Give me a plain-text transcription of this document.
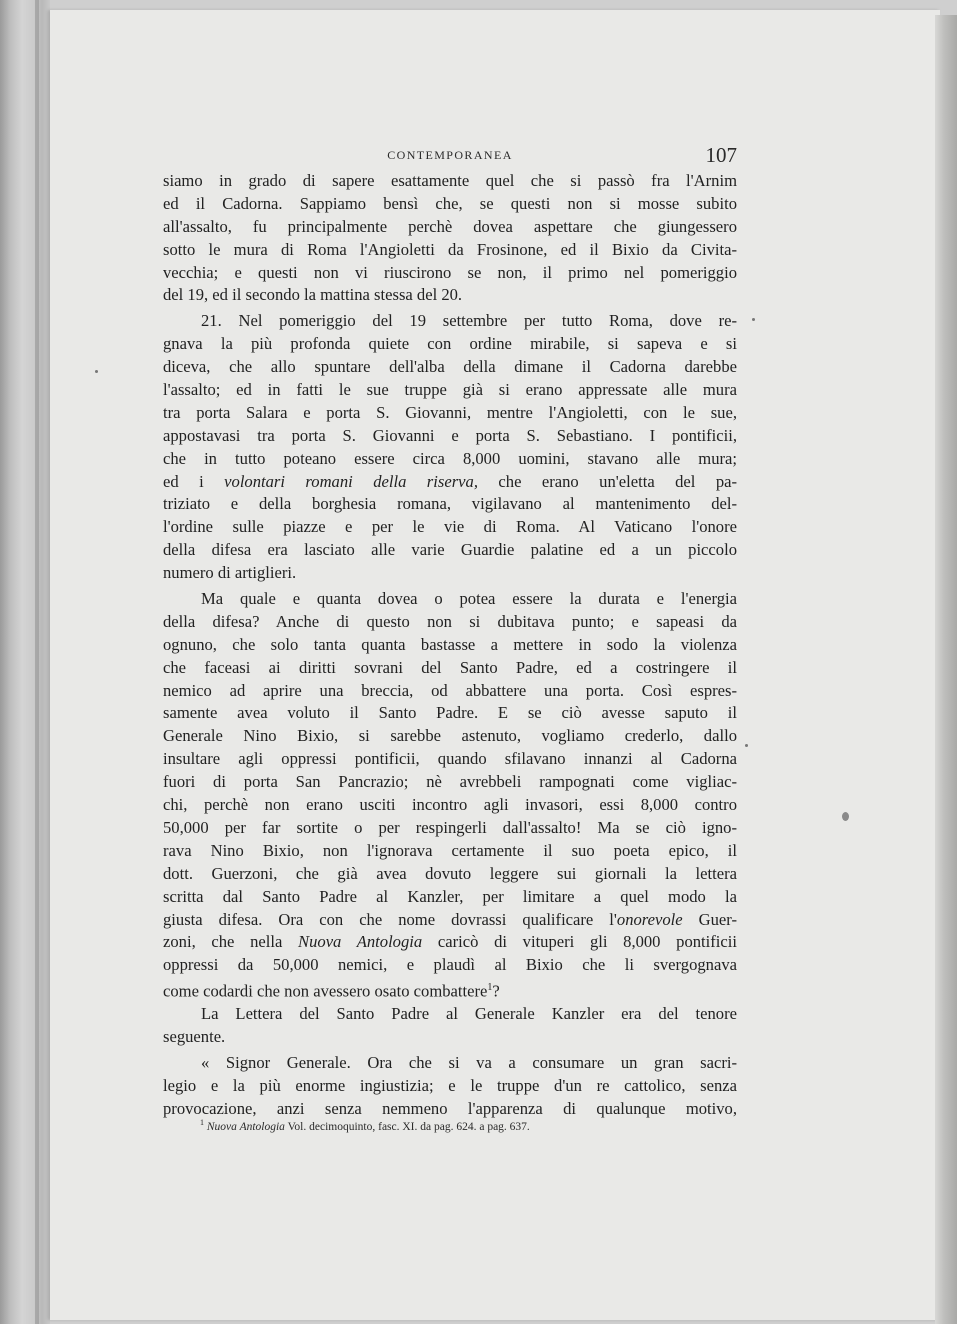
CONTEMPORANEA	107
siamo in grado di sapere esattamente quel che si passò fra l'Arnim
ed il Cadorna. Sappiamo bensì che, se questi non si mosse subito
all'assalto, fu principalmente perchè dovea aspettare che giungessero
sotto le mura di Roma l'Angioletti da Frosinone, ed il Bixio da Civita-
vecchia; e questi non vi riuscirono se non, il primo nel pomeriggio
del 19, ed il secondo la mattina stessa del 20.
21. Nel pomeriggio del 19 settembre per tutto Roma, dove re-
gnava la più profonda quiete con ordine mirabile, si sapeva e si
diceva, che allo spuntare dell'alba della dimane il Cadorna darebbe
l'assalto; ed in fatti le sue truppe già si erano appressate alle mura
tra porta Salara e porta S. Giovanni, mentre l'Angioletti, con le sue,
appostavasi tra porta S. Giovanni e porta S. Sebastiano. I pontificii,
che in tutto poteano essere circa 8,000 uomini, stavano alle mura;
ed i volontari romani della riserva, che erano un'eletta del pa-
triziato e della borghesia romana, vigilavano al mantenimento del-
l'ordine sulle piazze e per le vie di Roma. Al Vaticano l'onore
della difesa era lasciato alle varie Guardie palatine ed a un piccolo
numero di artiglieri.
Ma quale e quanta dovea o potea essere la durata e l'energia
della difesa? Anche di questo non si dubitava punto; e sapeasi da
ognuno, che solo tanta quanta bastasse a mettere in sodo la violenza
che faceasi ai diritti sovrani del Santo Padre, ed a costringere il
nemico ad aprire una breccia, od abbattere una porta. Così espres-
samente avea voluto il Santo Padre. E se ciò avesse saputo il
Generale Nino Bixio, si sarebbe astenuto, vogliamo crederlo, dallo
insultare agli oppressi pontificii, quando sfilavano innanzi al Cadorna
fuori di porta San Pancrazio; nè avrebbeli rampognati come vigliac-
chi, perchè non erano usciti incontro agli invasori, essi 8,000 contro
50,000 per far sortite o per respingerli dall'assalto! Ma se ciò igno-
rava Nino Bixio, non l'ignorava certamente il suo poeta epico, il
dott. Guerzoni, che già avea dovuto leggere sui giornali la lettera
scritta dal Santo Padre al Kanzler, per limitare a quel modo la
giusta difesa. Ora con che nome dovrassi qualificare l'onorevole Guer-
zoni, che nella Nuova Antologia caricò di vituperi gli 8,000 pontificii
oppressi da 50,000 nemici, e plaudì al Bixio che li svergognava
come codardi che non avessero osato combattere$^1$?
La Lettera del Santo Padre al Generale Kanzler era del tenore
seguente.
« Signor Generale. Ora che si va a consumare un gran sacri-
legio e la più enorme ingiustizia; e le truppe d'un re cattolico, senza
provocazione, anzi senza nemmeno l'apparenza di qualunque motivo,
$^1$ Nuova Antologia Vol. decimoquinto, fasc. XI. da pag. 624. a pag. 637.
